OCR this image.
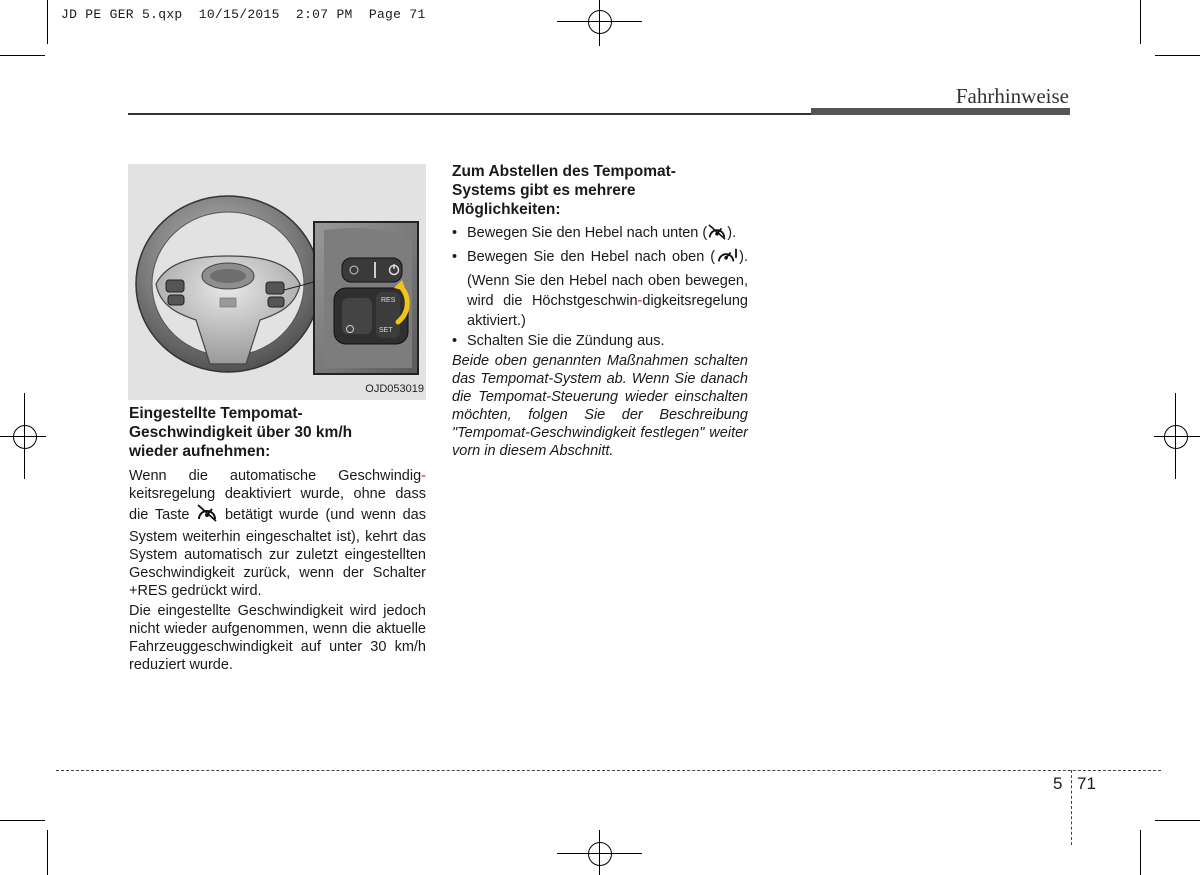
JD PE GER 5.qxp  10/15/2015  2:07 PM  Page 71
Fahrhinweise
RES
SET
OJD053019
Eingestellte Tempomat-
Geschwindigkeit über 30 km/h
wieder aufnehmen:

Wenn die automatische Geschwindig-keitsregelung deaktiviert wurde, ohne dass die Taste betätigt wurde (und wenn das System weiterhin eingeschaltet ist), kehrt das System automatisch zur zuletzt eingestellten Geschwindigkeit zurück, wenn der Schalter +RES gedrückt wird.

Die eingestellte Geschwindigkeit wird jedoch nicht wieder aufgenommen, wenn die aktuelle Fahrzeuggeschwindigkeit auf unter 30 km/h reduziert wurde.

Zum Abstellen des Tempomat-
Systems gibt es mehrere
Möglichkeiten:
• Bewegen Sie den Hebel nach unten ( ).
• Bewegen Sie den Hebel nach oben ( ). (Wenn Sie den Hebel nach oben bewegen, wird die Höchstgeschwin-digkeitsregelung aktiviert.)
• Schalten Sie die Zündung aus.

Beide oben genannten Maßnahmen schalten das Tempomat-System ab. Wenn Sie danach die Tempomat-Steuerung wieder einschalten möchten, folgen Sie der Beschreibung "Tempomat-Geschwindigkeit festlegen" weiter vorn in diesem Abschnitt.

5 71
